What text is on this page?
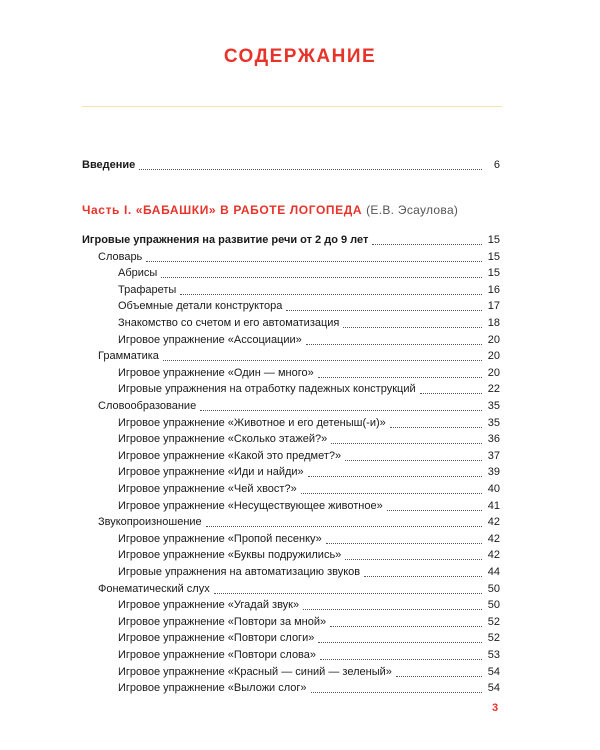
СОДЕРЖАНИЕ
Введение	6
Часть I. «БАБАШКИ» В РАБОТЕ ЛОГОПЕДА (Е.В. Эсаулова)
Игровые упражнения на развитие речи от 2 до 9 лет	15
Словарь	15
Абрисы	15
Трафареты	16
Объемные детали конструктора	17
Знакомство со счетом и его автоматизация	18
Игровое упражнение «Ассоциации»	20
Грамматика	20
Игровое упражнение «Один — много»	20
Игровые упражнения на отработку падежных конструкций	22
Словообразование	35
Игровое упражнение «Животное и его детеныш(-и)»	35
Игровое упражнение «Сколько этажей?»	36
Игровое упражнение «Какой это предмет?»	37
Игровое упражнение «Иди и найди»	39
Игровое упражнение «Чей хвост?»	40
Игровое упражнение «Несуществующее животное»	41
Звукопроизношение	42
Игровое упражнение «Пропой песенку»	42
Игровое упражнение «Буквы подружились»	42
Игровые упражнения на автоматизацию звуков	44
Фонематический слух	50
Игровое упражнение «Угадай звук»	50
Игровое упражнение «Повтори за мной»	52
Игровое упражнение «Повтори слоги»	52
Игровое упражнение «Повтори слова»	53
Игровое упражнение «Красный — синий — зеленый»	54
Игровое упражнение «Выложи слог»	54
3
